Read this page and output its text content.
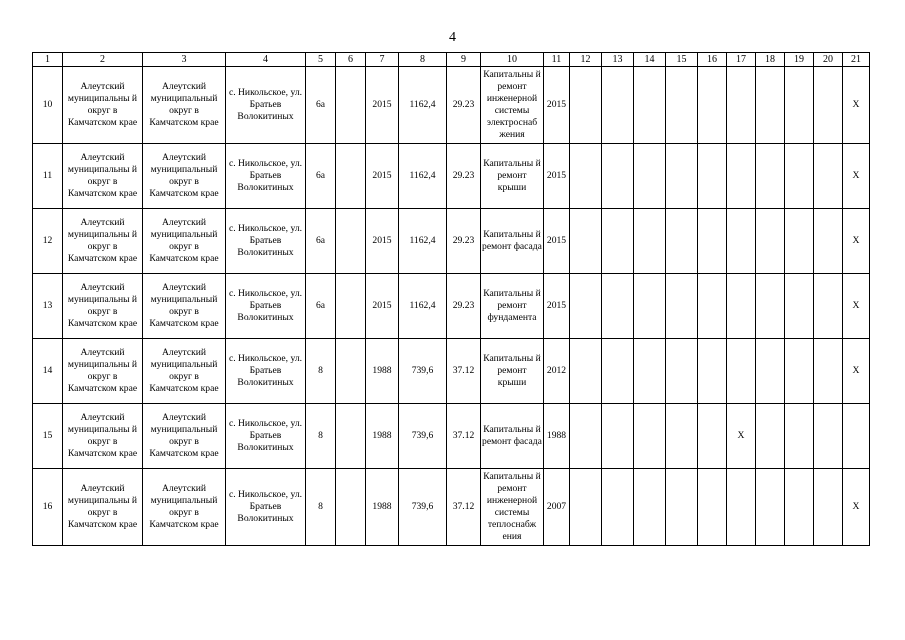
4
1	2	3	4	5	6	7	8	9	10	11	12	13	14	15	16	17	18	19	20	21
10	Алеутский муниципальны й округ в Камчатском крае	Алеутский муниципальный округ в Камчатском крае	с. Никольское, ул. Братьев Волокитиных	6а		2015	1162,4	29.23	Капитальны й ремонт инженерной системы электроснаб жения	2015										X
11	Алеутский муниципальны й округ в Камчатском крае	Алеутский муниципальный округ в Камчатском крае	с. Никольское, ул. Братьев Волокитиных	6а		2015	1162,4	29.23	Капитальны й ремонт крыши	2015										X
12	Алеутский муниципальны й округ в Камчатском крае	Алеутский муниципальный округ в Камчатском крае	с. Никольское, ул. Братьев Волокитиных	6а		2015	1162,4	29.23	Капитальны й ремонт фасада	2015										X
13	Алеутский муниципальны й округ в Камчатском крае	Алеутский муниципальный округ в Камчатском крае	с. Никольское, ул. Братьев Волокитиных	6а		2015	1162,4	29.23	Капитальны й ремонт фундамента	2015										X
14	Алеутский муниципальны й округ в Камчатском крае	Алеутский муниципальный округ в Камчатском крае	с. Никольское, ул. Братьев Волокитиных	8		1988	739,6	37.12	Капитальны й ремонт крыши	2012										X
15	Алеутский муниципальны й округ в Камчатском крае	Алеутский муниципальный округ в Камчатском крае	с. Никольское, ул. Братьев Волокитиных	8		1988	739,6	37.12	Капитальны й ремонт фасада	1988						X				
16	Алеутский муниципальны й округ в Камчатском крае	Алеутский муниципальный округ в Камчатском крае	с. Никольское, ул. Братьев Волокитиных	8		1988	739,6	37.12	Капитальны й ремонт инженерной системы теплоснабж ения	2007										X
